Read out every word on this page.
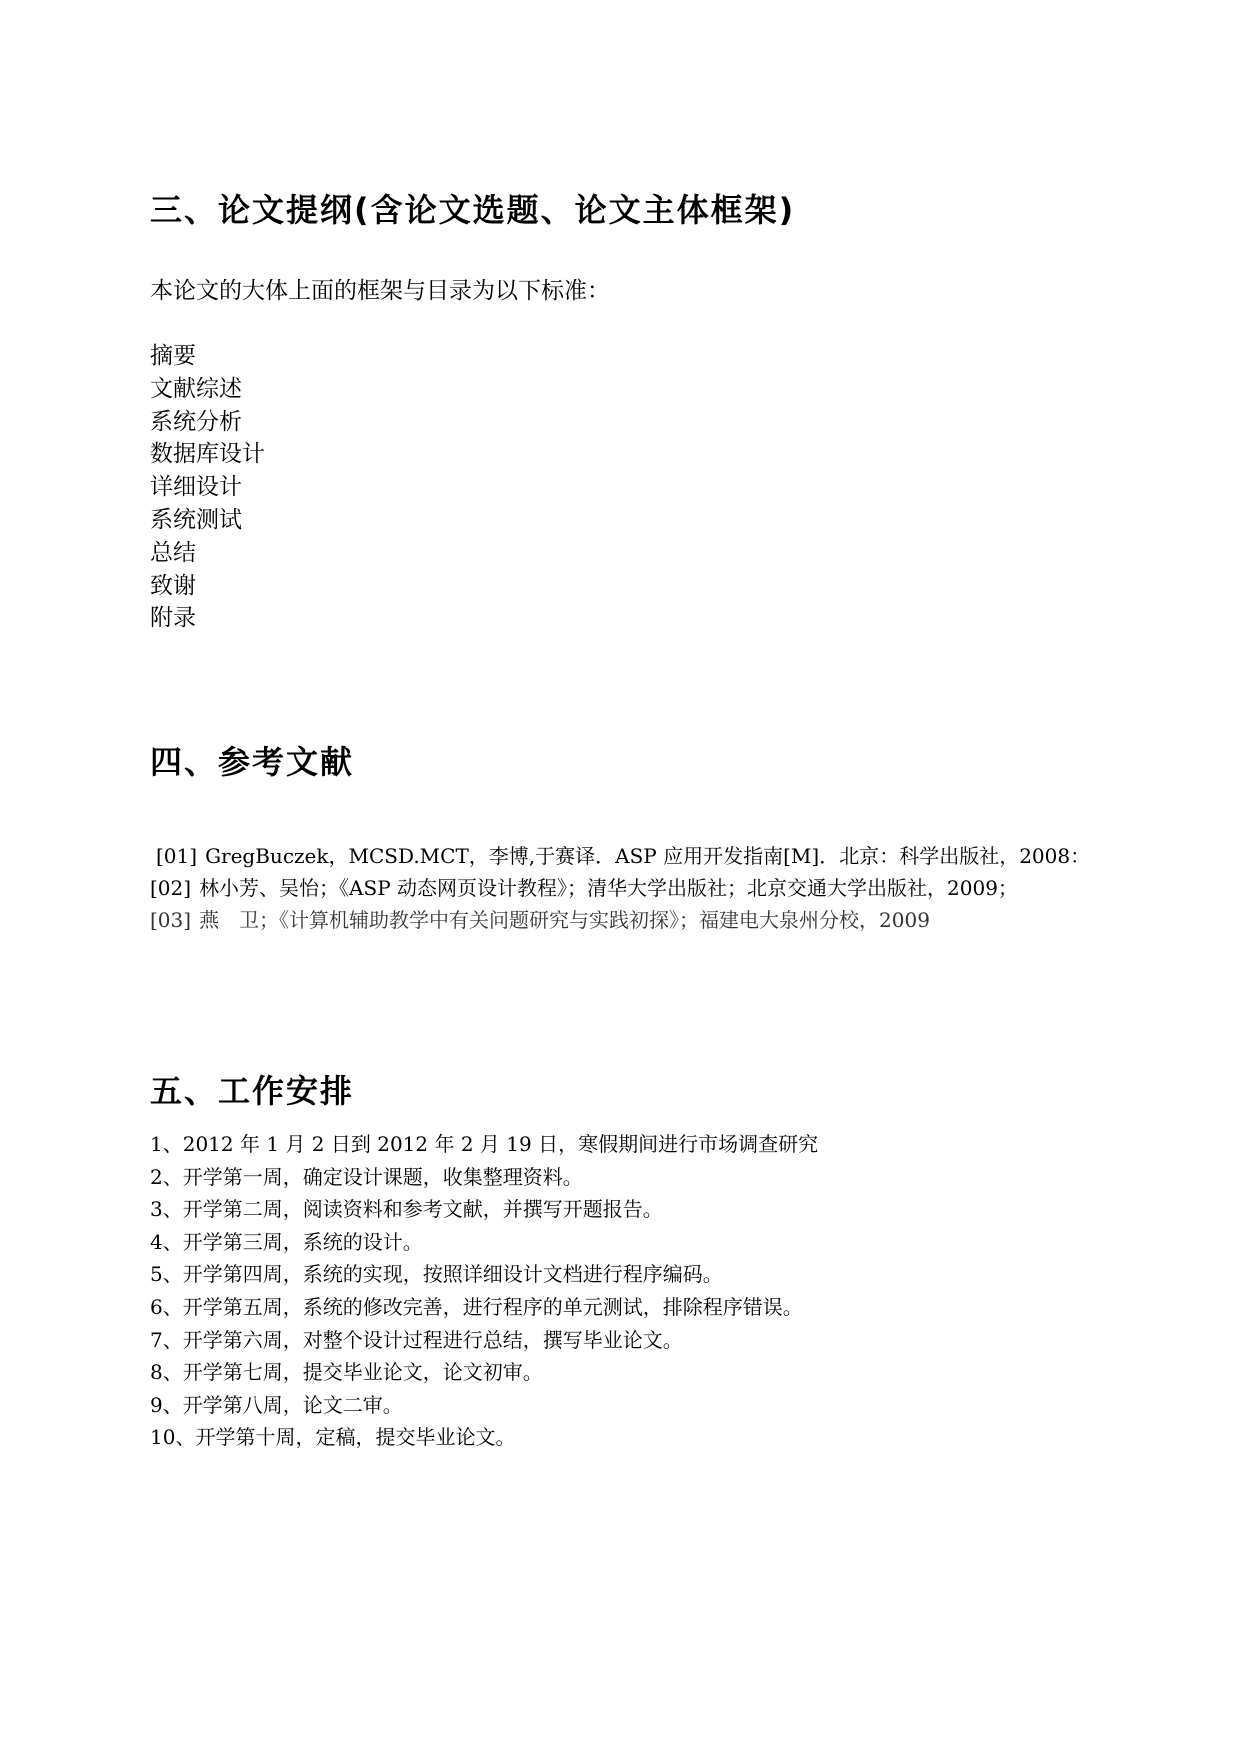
三、论文提纲(含论文选题、论文主体框架)
本论文的大体上面的框架与目录为以下标准：
摘要
文献综述
系统分析
数据库设计
详细设计
系统测试
总结
致谢
附录
四、参考文献
[01] GregBuczek，MCSD.MCT，李博,于赛译．ASP 应用开发指南[M]．北京：科学出版社，2008：
[02] 林小芳、吴怡；《ASP 动态网页设计教程》；清华大学出版社；北京交通大学出版社，2009；
[03] 燕　卫；《计算机辅助教学中有关问题研究与实践初探》；福建电大泉州分校，2009
五、工作安排
1、2012 年 1 月 2 日到 2012 年 2 月 19 日，寒假期间进行市场调查研究
2、开学第一周，确定设计课题，收集整理资料。
3、开学第二周，阅读资料和参考文献，并撰写开题报告。
4、开学第三周，系统的设计。
5、开学第四周，系统的实现，按照详细设计文档进行程序编码。
6、开学第五周，系统的修改完善，进行程序的单元测试，排除程序错误。
7、开学第六周，对整个设计过程进行总结，撰写毕业论文。
8、开学第七周，提交毕业论文，论文初审。
9、开学第八周，论文二审。
10、开学第十周，定稿，提交毕业论文。
